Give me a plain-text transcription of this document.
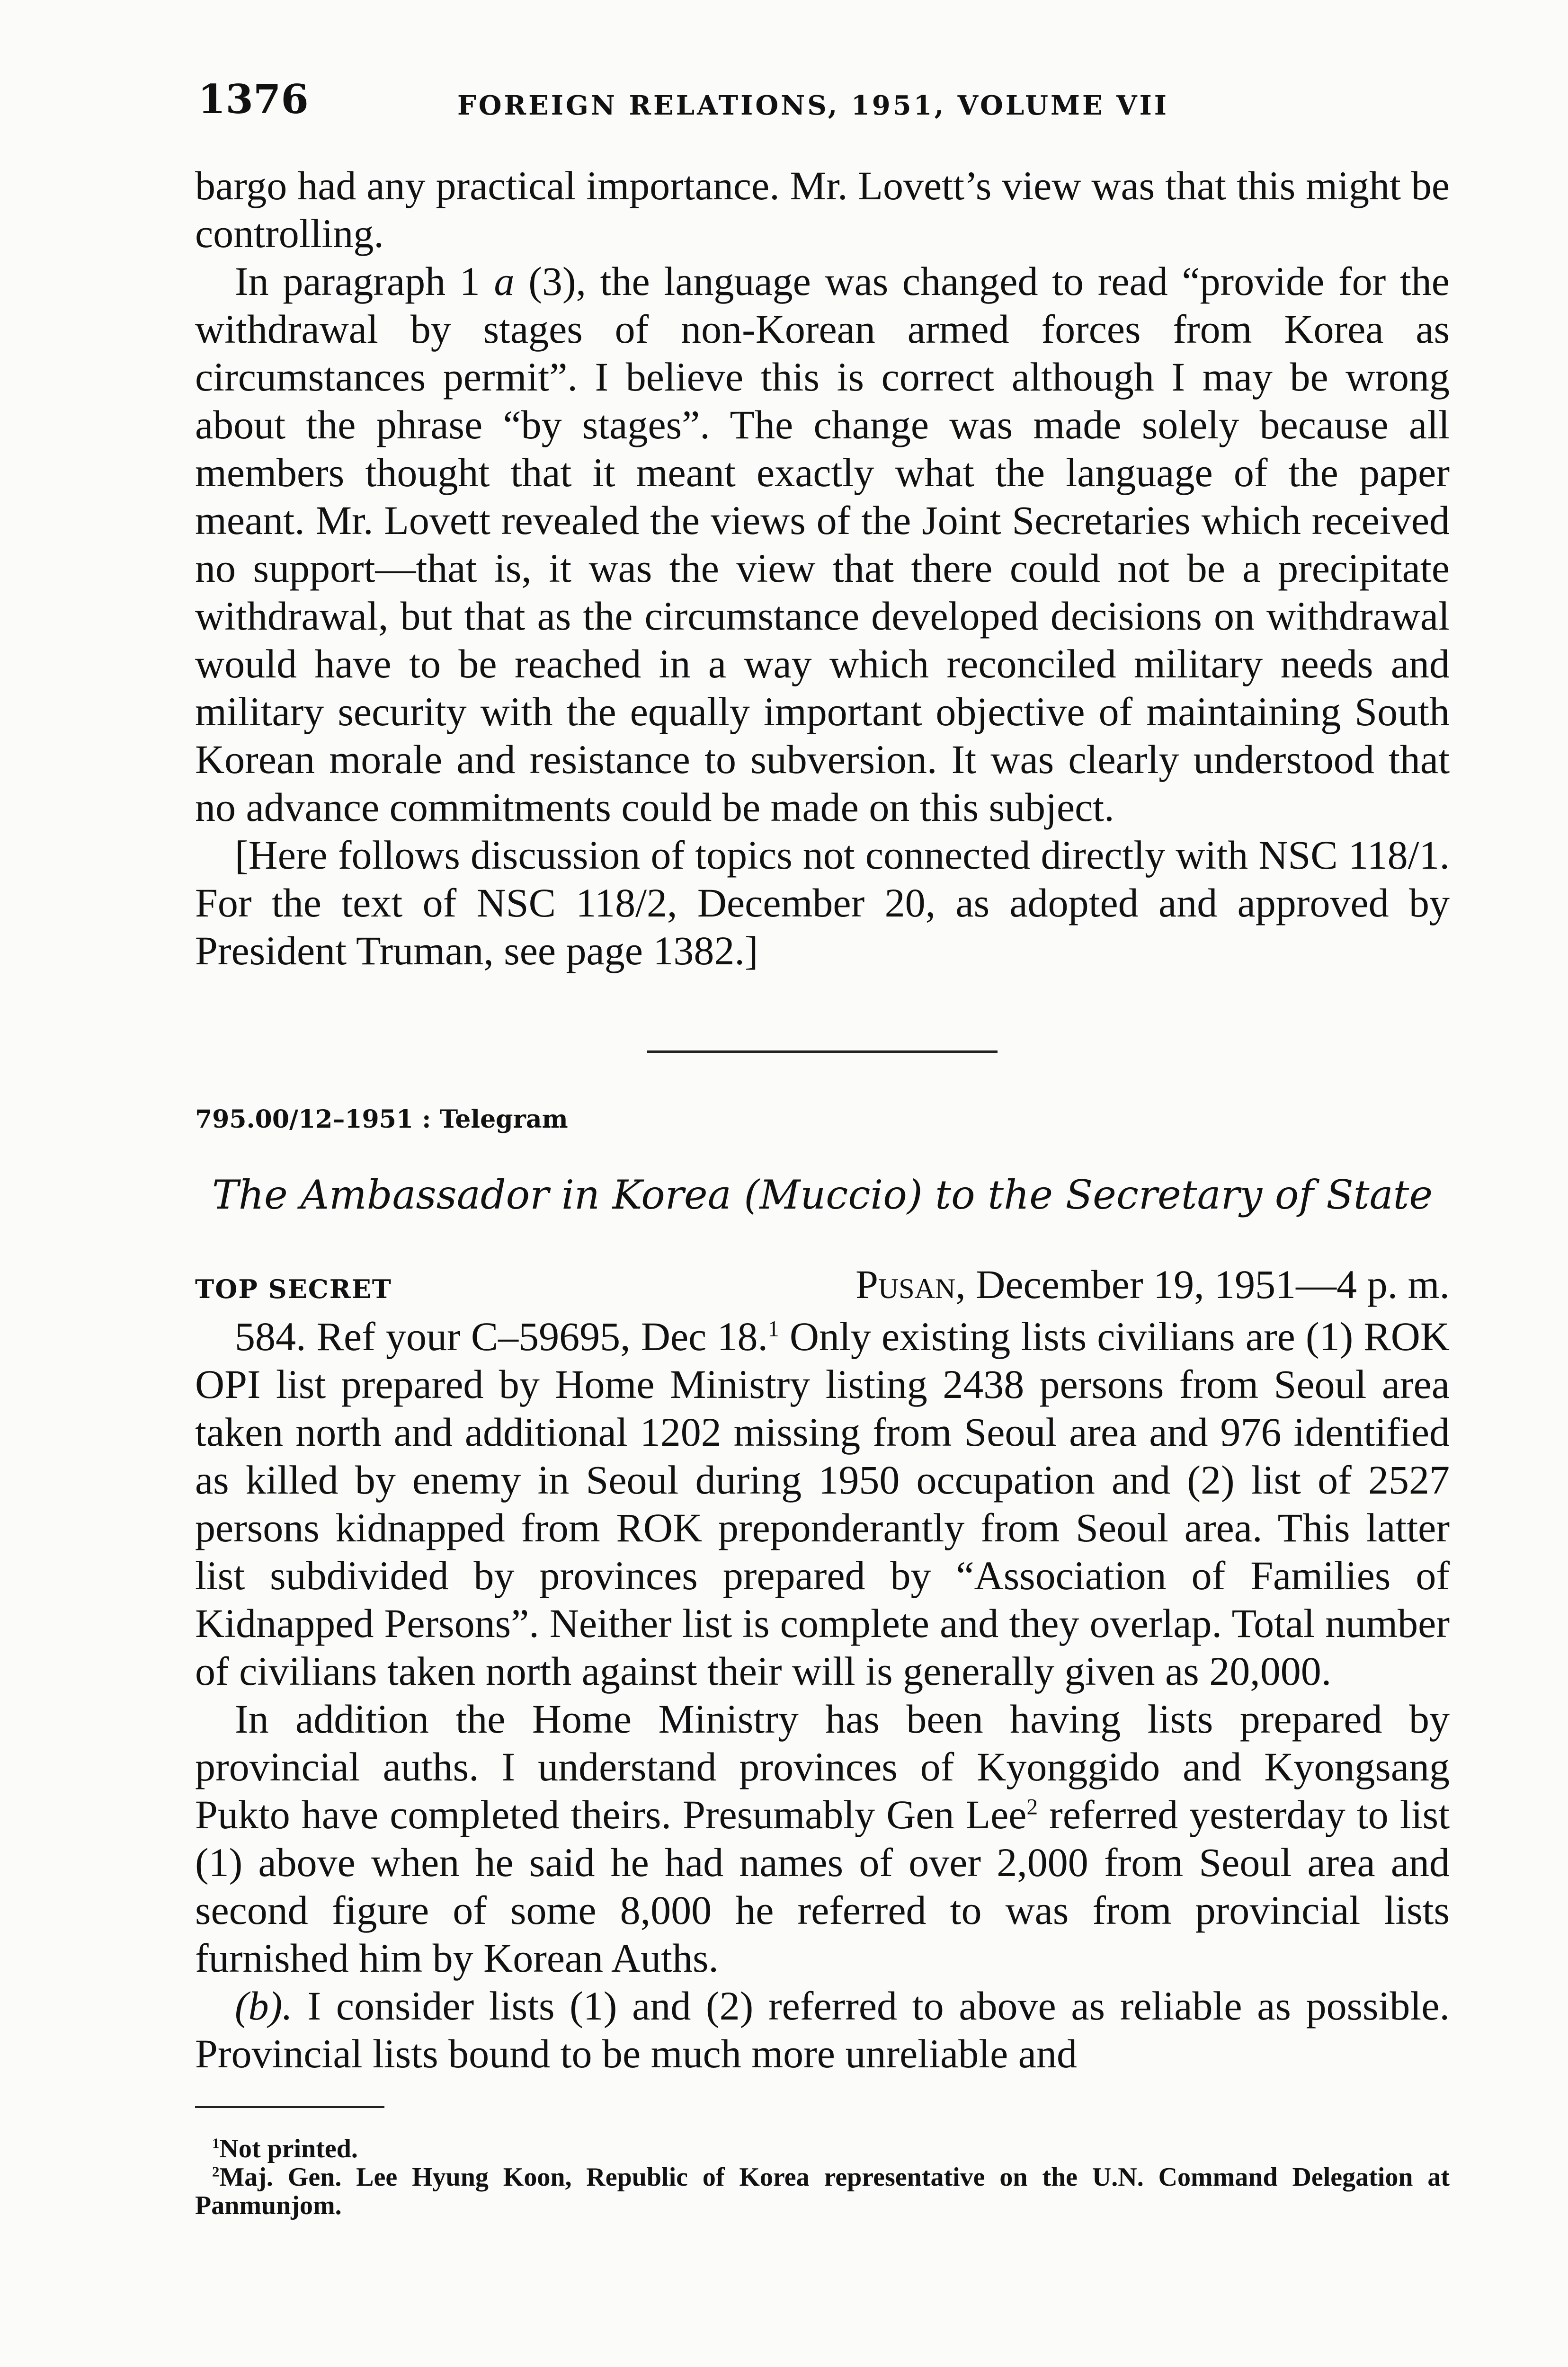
1376	FOREIGN RELATIONS, 1951, VOLUME VII

bargo had any practical importance. Mr. Lovett’s view was that this might be controlling.

In paragraph 1 a (3), the language was changed to read “provide for the withdrawal by stages of non-Korean armed forces from Korea as circumstances permit”. I believe this is correct although I may be wrong about the phrase “by stages”. The change was made solely because all members thought that it meant exactly what the language of the paper meant. Mr. Lovett revealed the views of the Joint Secretaries which received no support—that is, it was the view that there could not be a precipitate withdrawal, but that as the circumstance developed decisions on withdrawal would have to be reached in a way which reconciled military needs and military security with the equally important objective of maintaining South Korean morale and resistance to subversion. It was clearly understood that no advance commitments could be made on this subject.

[Here follows discussion of topics not connected directly with NSC 118/1. For the text of NSC 118/2, December 20, as adopted and approved by President Truman, see page 1382.]

795.00/12–1951 : Telegram
The Ambassador in Korea (Muccio) to the Secretary of State
TOP SECRET	Pusan, December 19, 1951—4 p. m.

584. Ref your C–59695, Dec 18.$^1$ Only existing lists civilians are (1) ROK OPI list prepared by Home Ministry listing 2438 persons from Seoul area taken north and additional 1202 missing from Seoul area and 976 identified as killed by enemy in Seoul during 1950 occupation and (2) list of 2527 persons kidnapped from ROK preponderantly from Seoul area. This latter list subdivided by provinces prepared by “Association of Families of Kidnapped Persons”. Neither list is complete and they overlap. Total number of civilians taken north against their will is generally given as 20,000.

In addition the Home Ministry has been having lists prepared by provincial auths. I understand provinces of Kyonggido and Kyongsang Pukto have completed theirs. Presumably Gen Lee$^2$ referred yesterday to list (1) above when he said he had names of over 2,000 from Seoul area and second figure of some 8,000 he referred to was from provincial lists furnished him by Korean Auths.

(b). I consider lists (1) and (2) referred to above as reliable as possible. Provincial lists bound to be much more unreliable and

$^1$Not printed.
$^2$Maj. Gen. Lee Hyung Koon, Republic of Korea representative on the U.N. Command Delegation at Panmunjom.
